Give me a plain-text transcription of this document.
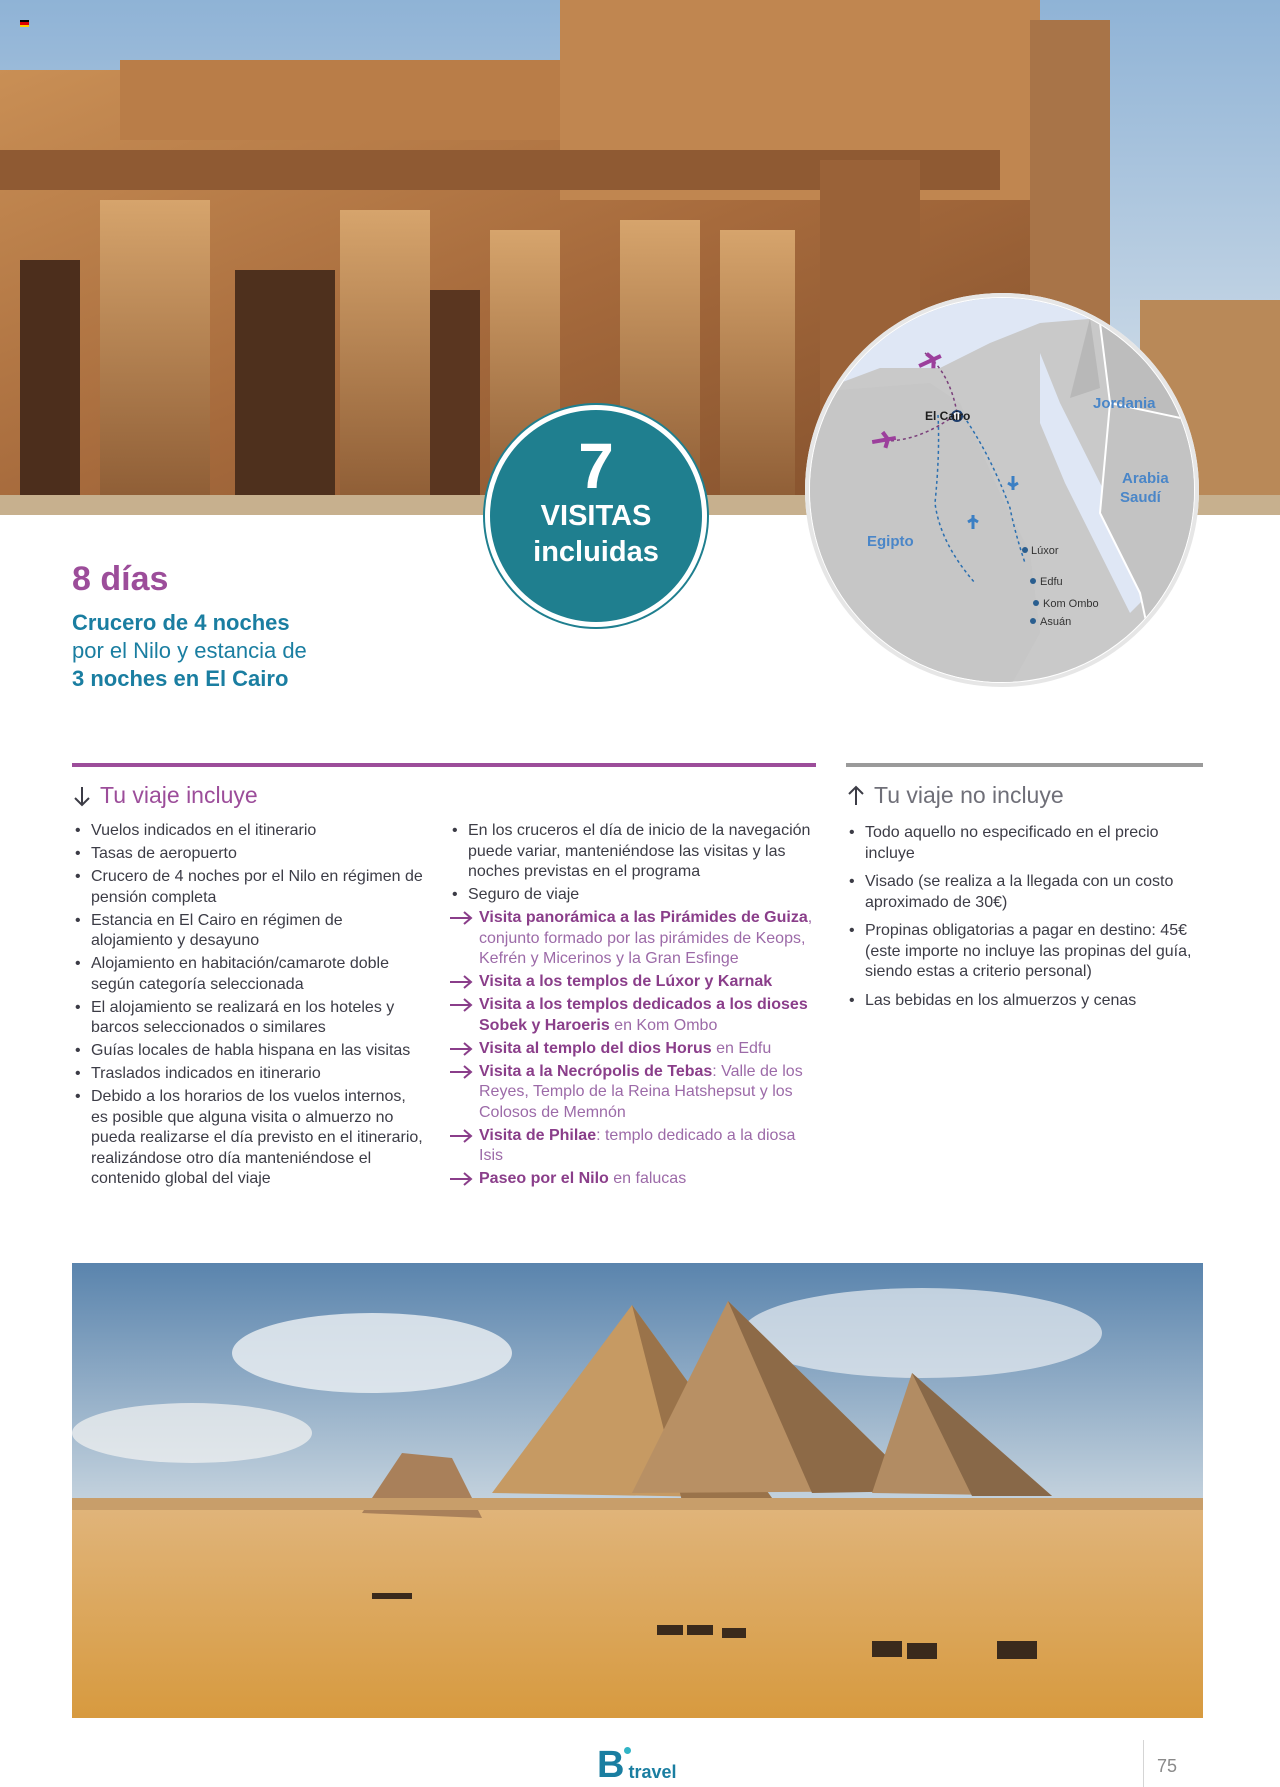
7
VISITAS
incluidas
Jordania
Arabia
Saudí
Egipto
El Cairo
Lúxor
Edfu
Kom Ombo
Asuán
8 días
Crucero de 4 noches
por el Nilo y estancia de
3 noches en El Cairo
Tu viaje incluye
• Vuelos indicados en el itinerario
• Tasas de aeropuerto
• Crucero de 4 noches por el Nilo en régimen de pensión completa
• Estancia en El Cairo en régimen de alojamiento y desayuno
• Alojamiento en habitación/camarote doble según categoría seleccionada
• El alojamiento se realizará en los hoteles y barcos seleccionados o similares
• Guías locales de habla hispana en las visitas
• Traslados indicados en itinerario
• Debido a los horarios de los vuelos internos, es posible que alguna visita o almuerzo no pueda realizarse el día previsto en el itinerario, realizándose otro día manteniéndose el contenido global del viaje
• En los cruceros el día de inicio de la navegación puede variar, manteniéndose las visitas y las noches previstas en el programa
• Seguro de viaje
Visita panorámica a las Pirámides de Guiza, conjunto formado por las pirámides de Keops, Kefrén y Micerinos y la Gran Esfinge
Visita a los templos de Lúxor y Karnak
Visita a los templos dedicados a los dioses Sobek y Haroeris en Kom Ombo
Visita al templo del dios Horus en Edfu
Visita a la Necrópolis de Tebas: Valle de los Reyes, Templo de la Reina Hatshepsut y los Colosos de Memnón
Visita de Philae: templo dedicado a la diosa Isis
Paseo por el Nilo en falucas
Tu viaje no incluye
• Todo aquello no especificado en el precio incluye
• Visado (se realiza a la llegada con un costo aproximado de 30€)
• Propinas obligatorias a pagar en destino: 45€ (este importe no incluye las propinas del guía, siendo estas a criterio personal)
• Las bebidas en los almuerzos y cenas
B travel	75
